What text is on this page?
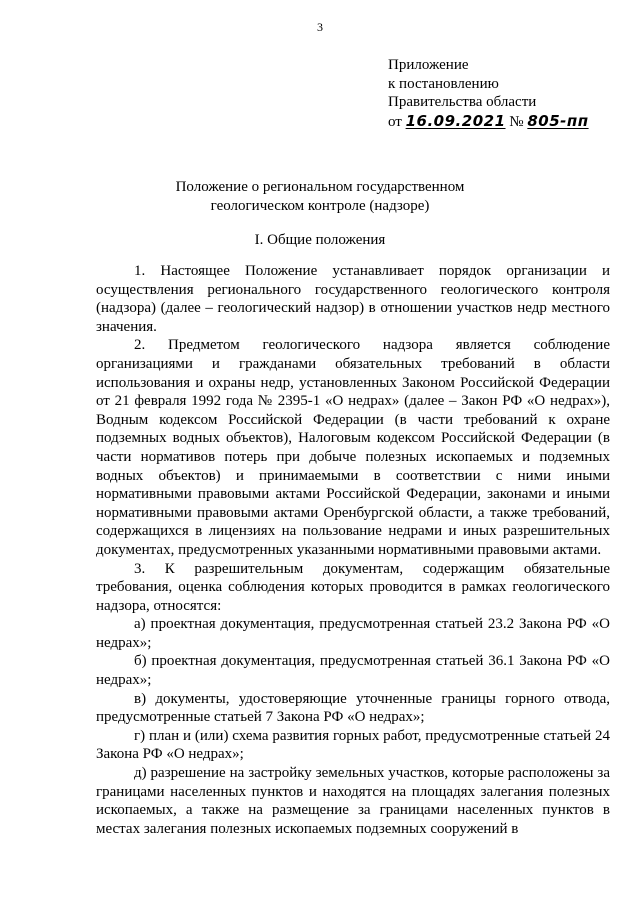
3
Приложение
к постановлению
Правительства области
от 16.09.2021 № 805-пп
Положение о региональном государственном
геологическом контроле (надзоре)
I. Общие положения

1. Настоящее Положение устанавливает порядок организации и осуществления регионального государственного геологического контроля (надзора) (далее – геологический надзор) в отношении участков недр местного значения.

2. Предметом геологического надзора является соблюдение организациями и гражданами обязательных требований в области использования и охраны недр, установленных Законом Российской Федерации от 21 февраля 1992 года № 2395-1 «О недрах» (далее – Закон РФ «О недрах»), Водным кодексом Российской Федерации (в части требований к охране подземных водных объектов), Налоговым кодексом Российской Федерации (в части нормативов потерь при добыче полезных ископаемых и подземных водных объектов) и принимаемыми в соответствии с ними иными нормативными правовыми актами Российской Федерации, законами и иными нормативными правовыми актами Оренбургской области, а также требований, содержащихся в лицензиях на пользование недрами и иных разрешительных документах, предусмотренных указанными нормативными правовыми актами.

3. К разрешительным документам, содержащим обязательные требования, оценка соблюдения которых проводится в рамках геологического надзора, относятся:

а) проектная документация, предусмотренная статьей 23.2 Закона РФ «О недрах»;

б) проектная документация, предусмотренная статьей 36.1 Закона РФ «О недрах»;

в) документы, удостоверяющие уточненные границы горного отвода, предусмотренные статьей 7 Закона РФ «О недрах»;

г) план и (или) схема развития горных работ, предусмотренные статьей 24 Закона РФ «О недрах»;

д) разрешение на застройку земельных участков, которые расположены за границами населенных пунктов и находятся на площадях залегания полезных ископаемых, а также на размещение за границами населенных пунктов в местах залегания полезных ископаемых подземных сооружений в
